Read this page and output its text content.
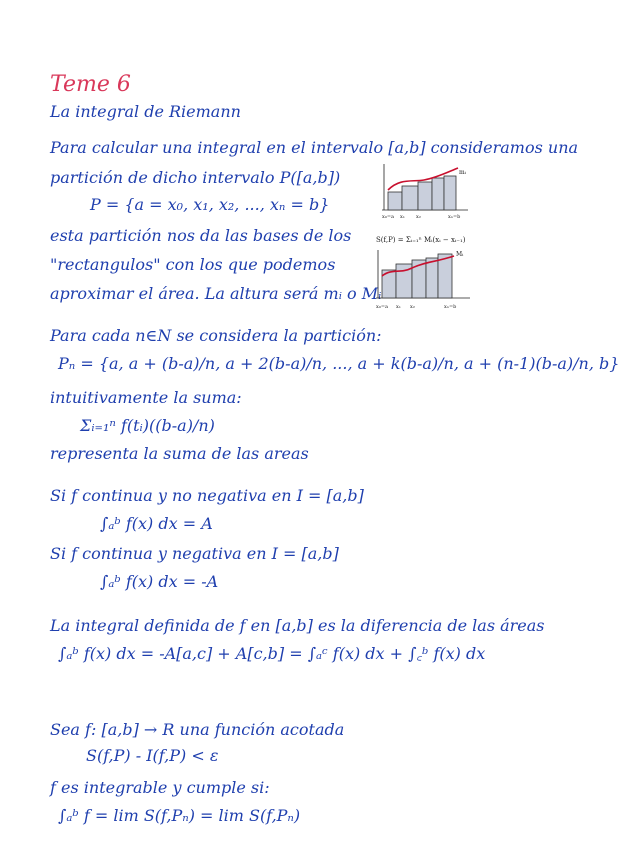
Teme 6
La integral de Riemann
Para calcular una integral en el intervalo [a,b] consideramos una
partición de dicho intervalo P([a,b])
P = {a = x₀, x₁, x₂, ..., xₙ = b}
esta partición nos da las bases de los
"rectangulos" con los que podemos
aproximar el área. La altura será mᵢ o Mᵢ
mᵢ
x₀=a x₁ x₂	xₙ=b
S(f,P) = Σᵢ₌₁ⁿ Mᵢ(xᵢ − xᵢ₋₁)
Mᵢ
x₀=a x₁ x₂	xₙ=b
Para cada n∈N se considera la partición:
Pₙ = {a, a + (b-a)/n, a + 2(b-a)/n, ..., a + k(b-a)/n, a + (n-1)(b-a)/n, b}
intuitivamente la suma:
Σᵢ₌₁ⁿ f(tᵢ)((b-a)/n)
representa la suma de las areas
Si f continua y no negativa en I = [a,b]
∫ₐᵇ f(x) dx = A
Si f continua y negativa en I = [a,b]
∫ₐᵇ f(x) dx = -A
La integral definida de f en [a,b] es la diferencia de las áreas
∫ₐᵇ f(x) dx = -A[a,c] + A[c,b] = ∫ₐᶜ f(x) dx + ∫꜀ᵇ f(x) dx
Sea f: [a,b] → R una función acotada
S(f,P) - I(f,P) < ε
f es integrable y cumple si:
∫ₐᵇ f = lim S(f,Pₙ) = lim S(f,Pₙ)
